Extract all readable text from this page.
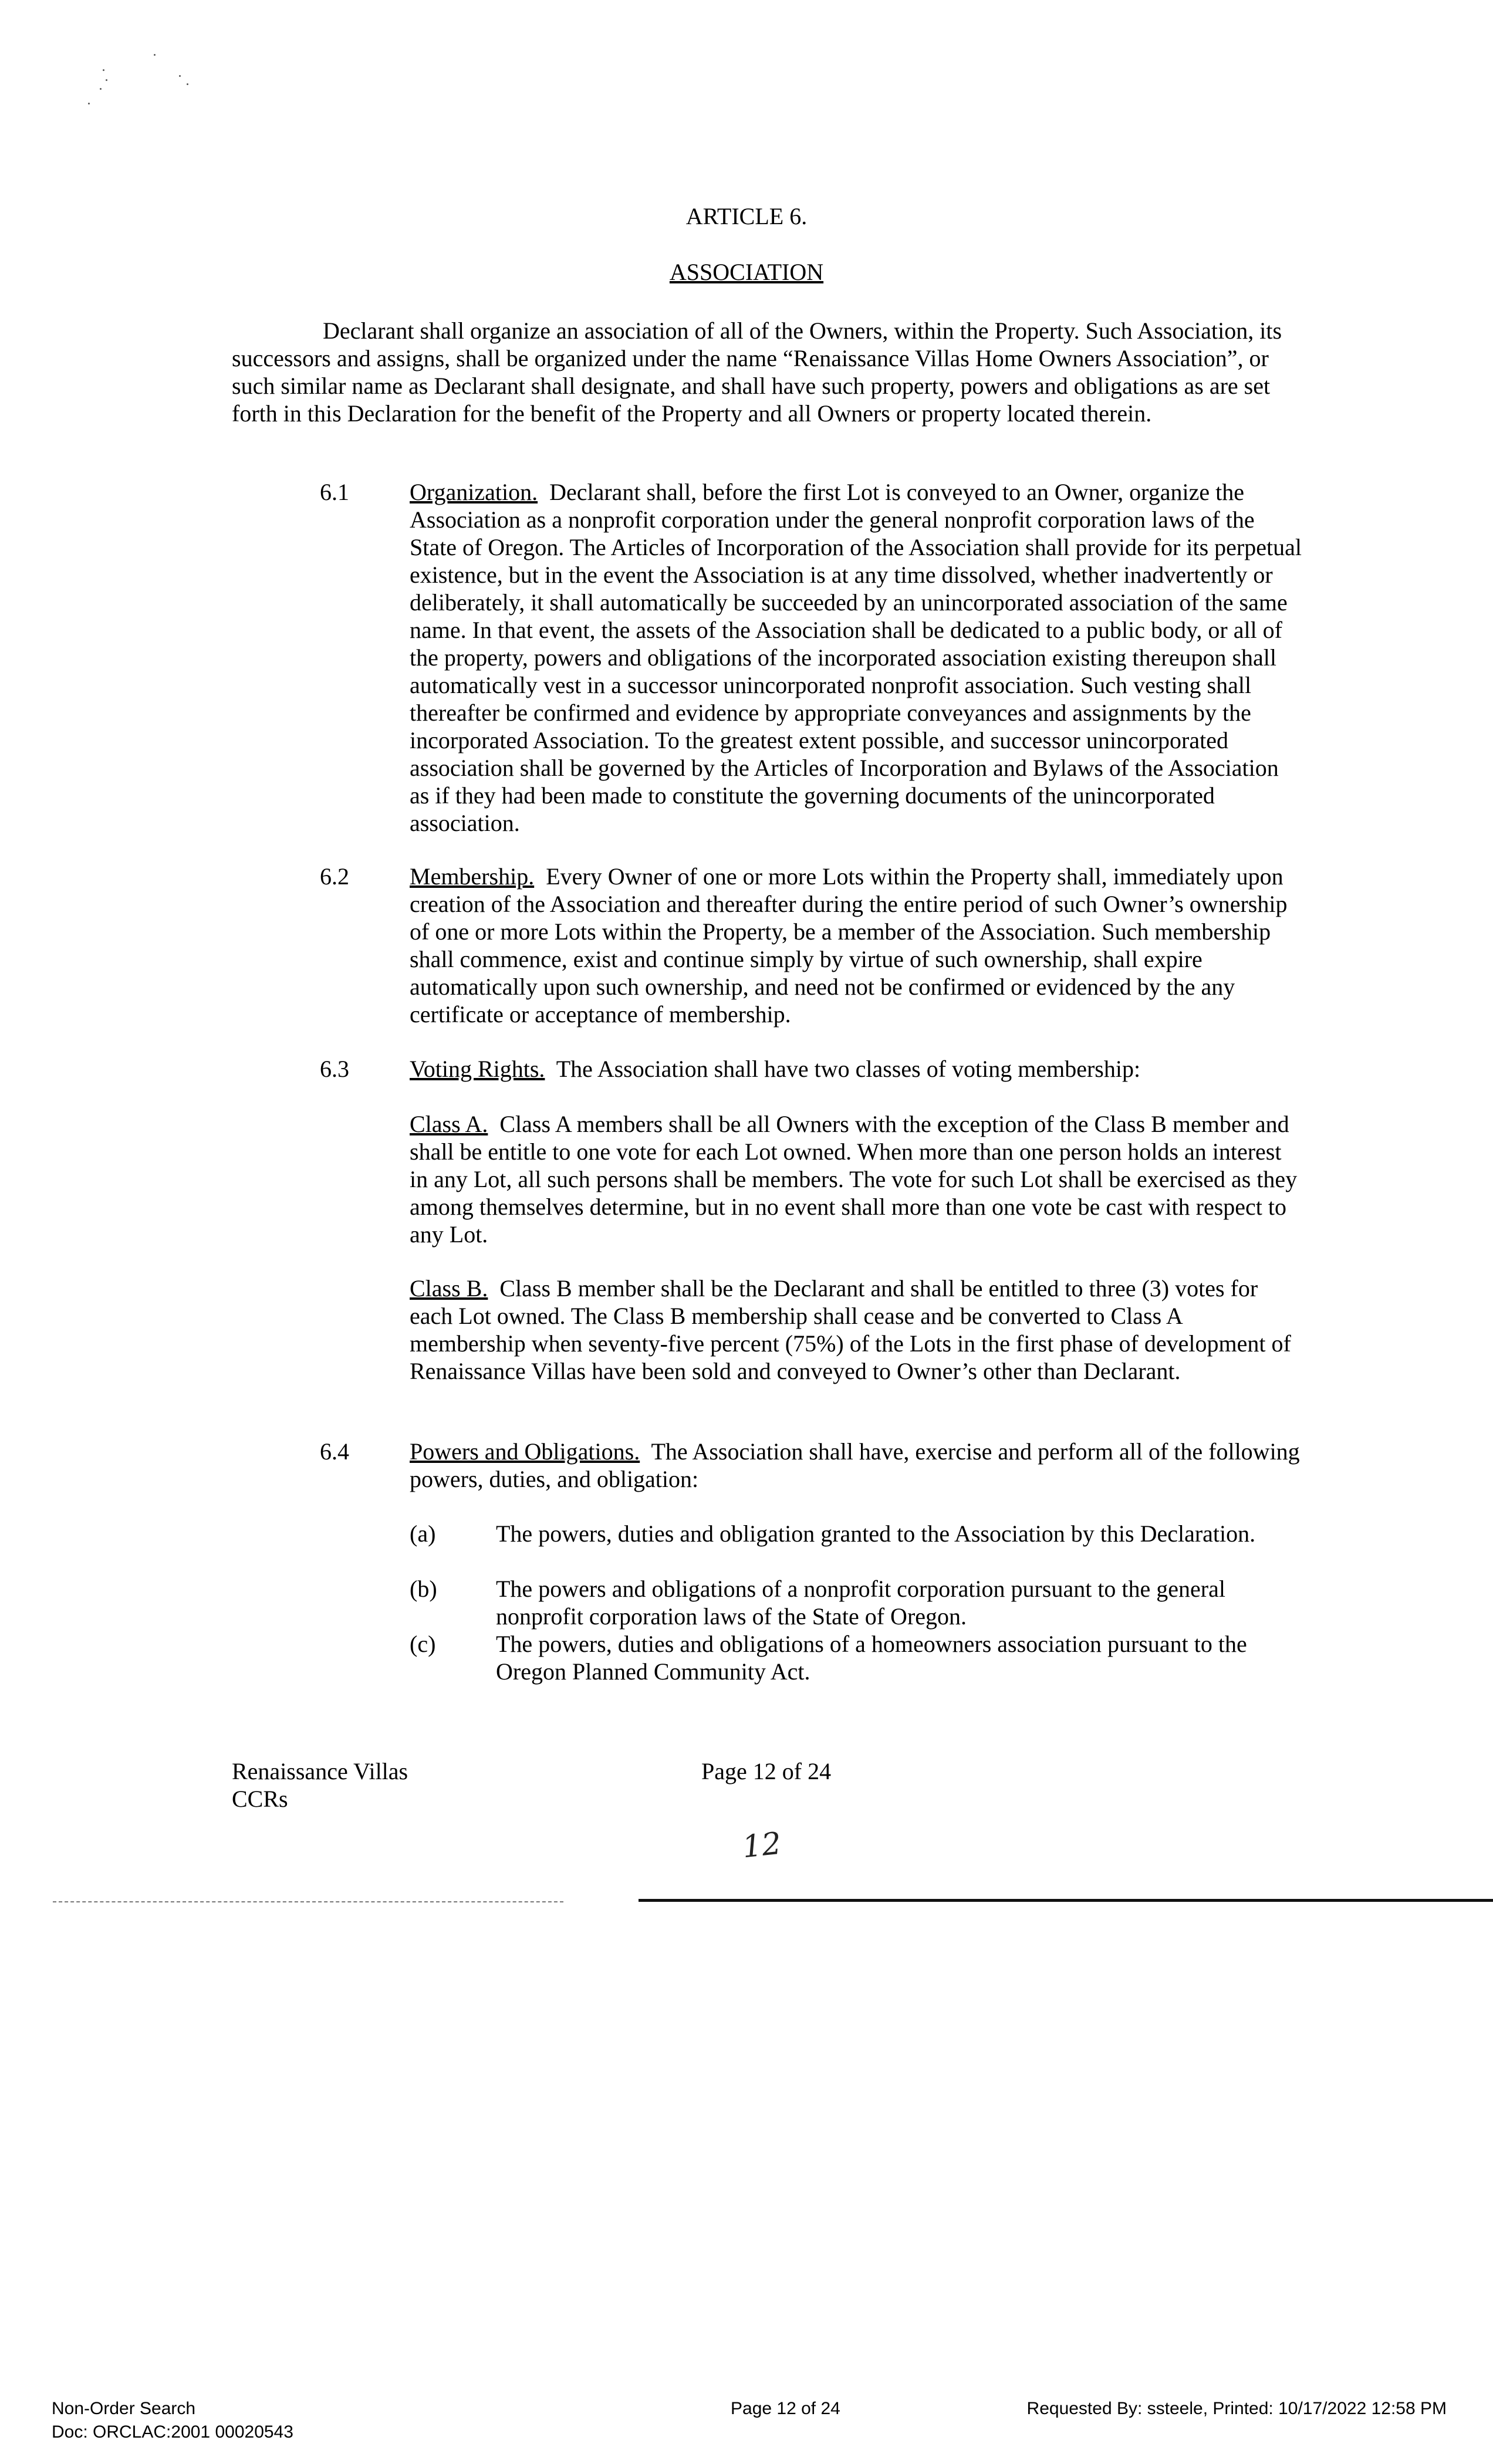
ARTICLE 6.
ASSOCIATION

Declarant shall organize an association of all of the Owners, within the Property. Such Association, its successors and assigns, shall be organized under the name “Renaissance Villas Home Owners Association”, or such similar name as Declarant shall designate, and shall have such property, powers and obligations as are set forth in this Declaration for the benefit of the Property and all Owners or property located therein.

6.1	Organization. Declarant shall, before the first Lot is conveyed to an Owner, organize the Association as a nonprofit corporation under the general nonprofit corporation laws of the State of Oregon. The Articles of Incorporation of the Association shall provide for its perpetual existence, but in the event the Association is at any time dissolved, whether inadvertently or deliberately, it shall automatically be succeeded by an unincorporated association of the same name. In that event, the assets of the Association shall be dedicated to a public body, or all of the property, powers and obligations of the incorporated association existing thereupon shall automatically vest in a successor unincorporated nonprofit association. Such vesting shall thereafter be confirmed and evidence by appropriate conveyances and assignments by the incorporated Association. To the greatest extent possible, and successor unincorporated association shall be governed by the Articles of Incorporation and Bylaws of the Association as if they had been made to constitute the governing documents of the unincorporated association.

6.2	Membership. Every Owner of one or more Lots within the Property shall, immediately upon creation of the Association and thereafter during the entire period of such Owner’s ownership of one or more Lots within the Property, be a member of the Association. Such membership shall commence, exist and continue simply by virtue of such ownership, shall expire automatically upon such ownership, and need not be confirmed or evidenced by the any certificate or acceptance of membership.

6.3	Voting Rights. The Association shall have two classes of voting membership:

Class A. Class A members shall be all Owners with the exception of the Class B member and shall be entitle to one vote for each Lot owned. When more than one person holds an interest in any Lot, all such persons shall be members. The vote for such Lot shall be exercised as they among themselves determine, but in no event shall more than one vote be cast with respect to any Lot.

Class B. Class B member shall be the Declarant and shall be entitled to three (3) votes for each Lot owned. The Class B membership shall cease and be converted to Class A membership when seventy-five percent (75%) of the Lots in the first phase of development of Renaissance Villas have been sold and conveyed to Owner’s other than Declarant.

6.4	Powers and Obligations. The Association shall have, exercise and perform all of the following powers, duties, and obligation:

(a)	The powers, duties and obligation granted to the Association by this Declaration.

(b)	The powers and obligations of a nonprofit corporation pursuant to the general nonprofit corporation laws of the State of Oregon.

(c)	The powers, duties and obligations of a homeowners association pursuant to the Oregon Planned Community Act.

Renaissance Villas
CCRs
Page 12 of 24
12
Non-Order Search
Doc: ORCLAC:2001 00020543
Page 12 of 24	Requested By: ssteele, Printed: 10/17/2022 12:58 PM
